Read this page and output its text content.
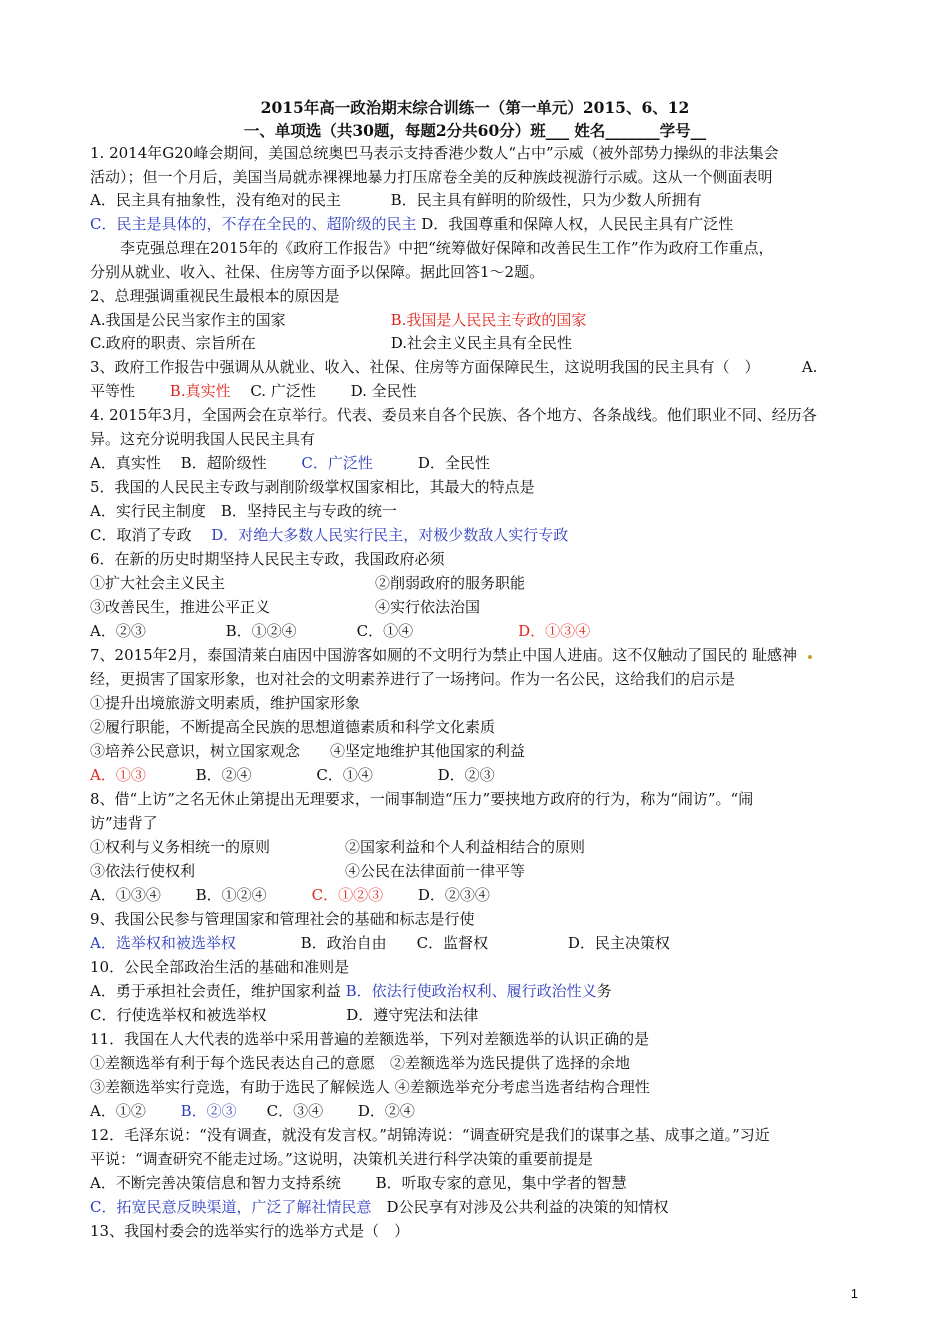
2015年高一政治期末综合训练一（第一单元）2015、6、12
一、单项选（共30题，每题2分共60分）班___ 姓名_______学号__
1. 2014年G20峰会期间，美国总统奥巴马表示支持香港少数人“占中”示威（被外部势力操纵的非法集会
活动）；但一个月后，美国当局就赤裸裸地暴力打压席卷全美的反种族歧视游行示威。这从一个侧面表明
A．民主具有抽象性，没有绝对的民主　　　 B．民主具有鲜明的阶级性，只为少数人所拥有
C．民主是具体的，不存在全民的、超阶级的民主 D．我国尊重和保障人权，人民民主具有广泛性
李克强总理在2015年的《政府工作报告》中把“统筹做好保障和改善民生工作”作为政府工作重点，
分别从就业、收入、社保、住房等方面予以保障。据此回答1～2题。
2、总理强调重视民生最根本的原因是
A.我国是公民当家作主的国家　　　　　　　B.我国是人民民主专政的国家
C.政府的职责、宗旨所在　　　　　　　　　D.社会主义民主具有全民性
3、政府工作报告中强调从从就业、收入、社保、住房等方面保障民生，这说明我国的民主具有（　）　　　 A.
平等性　　 B.真实性　 C. 广泛性　　 D. 全民性
4. 2015年3月，全国两会在京举行。代表、委员来自各个民族、各个地方、各条战线。他们职业不同、经历各
异。这充分说明我国人民民主具有
A．真实性　 B．超阶级性　　 C．广泛性　　　D．全民性
5．我国的人民民主专政与剥削阶级掌权国家相比，其最大的特点是
A．实行民主制度　B．坚持民主与专政的统一
C．取消了专政　 D．对绝大多数人民实行民主，对极少数敌人实行专政
6．在新的历史时期坚持人民民主专政，我国政府必须
①扩大社会主义民主　　　　　　　　　　②削弱政府的服务职能
③改善民生，推进公平正义　　　　　　　④实行依法治国
A．②③　　　　　 B．①②④　　　　C．①④　　　　　　　D．①③④
7、2015年2月，泰国清莱白庙因中国游客如厕的不文明行为禁止中国人进庙。这不仅触动了国民的 耻感神
经，更损害了国家形象，也对社会的文明素养进行了一场拷问。作为一名公民，这给我们的启示是
①提升出境旅游文明素质，维护国家形象
②履行职能，不断提高全民族的思想道德素质和科学文化素质
③培养公民意识，树立国家观念　　④坚定地维护其他国家的利益
A．①③　　　 B．②④　　　　 C．①④　　　　 D．②③
8、借“上访”之名无休止第提出无理要求，一闹事制造“压力”要挟地方政府的行为，称为“闹访”。“闹
访”违背了
①权利与义务相统一的原则　　　　　②国家利益和个人利益相结合的原则
③依法行使权利　　　　　　　　　　④公民在法律面前一律平等
A．①③④　　 B．①②④　　　C．①②③　　 D．②③④
9、我国公民参与管理国家和管理社会的基础和标志是行使
A．选举权和被选举权　　　　 B．政治自由　　C．监督权　　　　　 D．民主决策权
10．公民全部政治生活的基础和准则是
A．勇于承担社会责任，维护国家利益 B．依法行使政治权利、履行政治性义务
C．行使选举权和被选举权　　　　　 D．遵守宪法和法律
11．我国在人大代表的选举中采用普遍的差额选举，下列对差额选举的认识正确的是
①差额选举有利于每个选民表达自己的意愿　②差额选举为选民提供了选择的余地
③差额选举实行竞选，有助于选民了解候选人 ④差额选举充分考虑当选者结构合理性
A．①②　　 B．②③　　C．③④　　 D．②④
12．毛泽东说：“没有调查，就没有发言权。”胡锦涛说：“调查研究是我们的谋事之基、成事之道。”习近
平说：“调查研究不能走过场。”这说明，决策机关进行科学决策的重要前提是
A．不断完善决策信息和智力支持系统　　 B．听取专家的意见，集中学者的智慧
C．拓宽民意反映渠道，广泛了解社情民意　D公民享有对涉及公共利益的决策的知情权
13、我国村委会的选举实行的选举方式是（　）
1
